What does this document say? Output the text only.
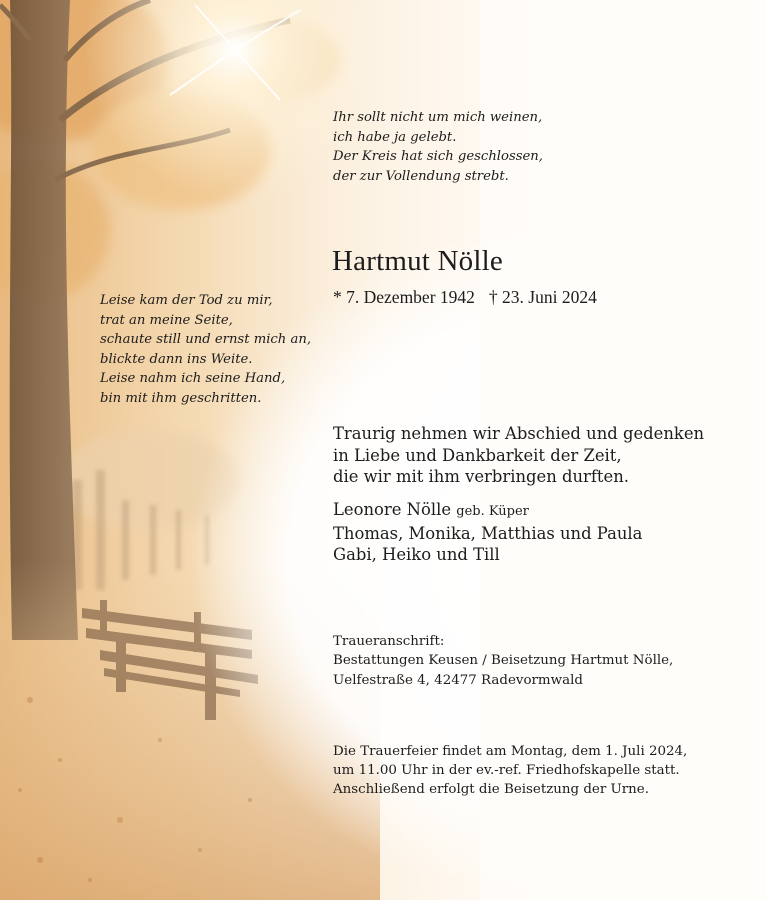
Ihr sollt nicht um mich weinen,
ich habe ja gelebt.
Der Kreis hat sich geschlossen,
der zur Vollendung strebt.

Hartmut Nölle
* 7. Dezember 1942 † 23. Juni 2024

Leise kam der Tod zu mir,
trat an meine Seite,
schaute still und ernst mich an,
blickte dann ins Weite.
Leise nahm ich seine Hand,
bin mit ihm geschritten.

Traurig nehmen wir Abschied und gedenken
in Liebe und Dankbarkeit der Zeit,
die wir mit ihm verbringen durften.

Leonore Nölle geb. Küper
Thomas, Monika, Matthias und Paula
Gabi, Heiko und Till

Traueranschrift:
Bestattungen Keusen / Beisetzung Hartmut Nölle,
Uelfestraße 4, 42477 Radevormwald

Die Trauerfeier findet am Montag, dem 1. Juli 2024,
um 11.00 Uhr in der ev.-ref. Friedhofskapelle statt.
Anschließend erfolgt die Beisetzung der Urne.
